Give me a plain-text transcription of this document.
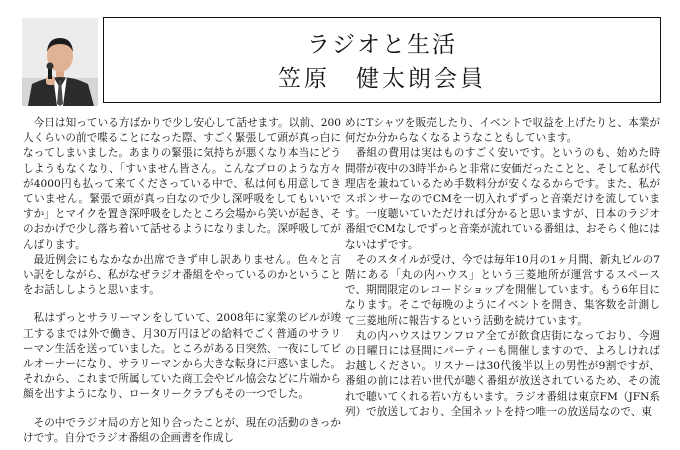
ラジオと生活
笠原　健太朗会員

今日は知っている方ばかりで少し安心して話せます。以前、200人くらいの前で喋ることになった際、すごく緊張して頭が真っ白になってしまいました。あまりの緊張に気持ちが悪くなり本当にどうしようもなくなり、「すいません皆さん。こんなプロのような方々が4000円も払って来てくださっている中で、私は何も用意してきていません。緊張で頭が真っ白なので少し深呼吸をしてもいいですか」とマイクを置き深呼吸をしたところ会場から笑いが起き、そのおかげで少し落ち着いて話せるようになりました。深呼吸してがんばります。

最近例会にもなかなか出席できず申し訳ありません。色々と言い訳をしながら、私がなぜラジオ番組をやっているのかということをお話ししようと思います。

私はずっとサラリーマンをしていて、2008年に家業のビルが竣工するまでは外で働き、月30万円ほどの給料でごく普通のサラリーマン生活を送っていました。ところがある日突然、一夜にしてビルオーナーになり、サラリーマンから大きな転身に戸惑いました。それから、これまで所属していた商工会やビル協会などに片端から顔を出すようになり、ロータリークラブもその一つでした。

その中でラジオ局の方と知り合ったことが、現在の活動のきっかけです。自分でラジオ番組の企画書を作成し

めにTシャツを販売したり、イベントで収益を上げたりと、本業が何だか分からなくなるようなこともしています。

番組の費用は実はものすごく安いです。というのも、始めた時間帯が夜中の3時半からと非常に安価だったことと、そして私が代理店を兼ねているため手数料分が安くなるからです。また、私がスポンサーなのでCMを一切入れずずっと音楽だけを流しています。一度聴いていただければ分かると思いますが、日本のラジオ番組でCMなしでずっと音楽が流れている番組は、おそらく他にはないはずです。

そのスタイルが受け、今では毎年10月の1ヶ月間、新丸ビルの7階にある「丸の内ハウス」という三菱地所が運営するスペースで、期間限定のレコードショップを開催しています。もう6年目になります。そこで毎晩のようにイベントを開き、集客数を計測して三菱地所に報告するという活動を続けています。

丸の内ハウスはワンフロア全てが飲食店街になっており、今週の日曜日には昼間にパーティーも開催しますので、よろしければお越しください。リスナーは30代後半以上の男性が9割ですが、番組の前には若い世代が聴く番組が放送されているため、その流れで聴いてくれる若い方もいます。ラジオ番組は東京FM（JFN系列）で放送しており、全国ネットを持つ唯一の放送局なので、東
